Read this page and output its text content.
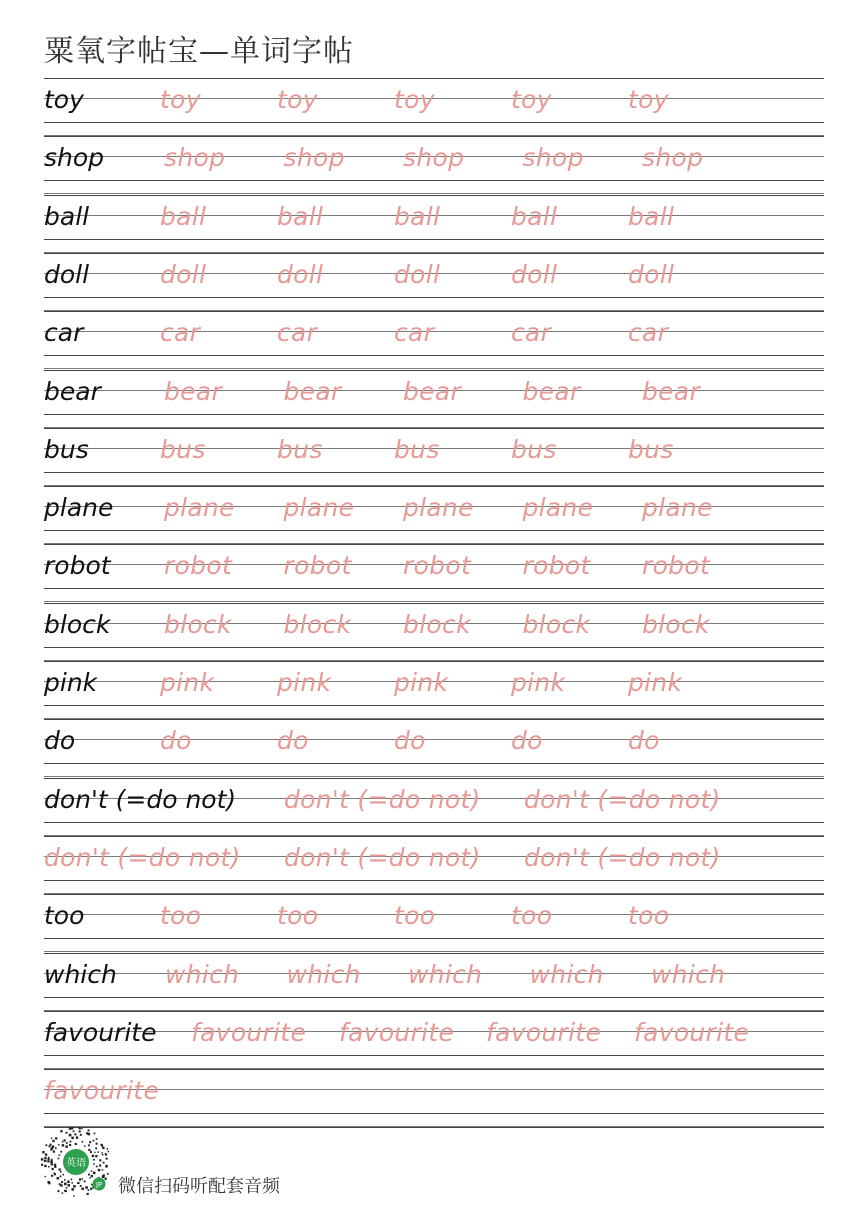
粟氧字帖宝—单词字帖
toy	toy	toy	toy	toy	toy
shop shop shop shop shop shop
ball	ball	ball	ball	ball	ball
doll	doll	doll	doll	doll	doll
car	car	car	car	car	car
bear	bear bear bear bear bear
bus	bus	bus	bus	bus	bus
plane plane plane plane plane plane
robot robot robot robot robot robot
block block block block block block
pink	pink	pink	pink	pink	pink
do	do	do	do	do	do
don't (=do not) don't (=do not) don't (=do not)
don't (=do not) don't (=do not) don't (=do not)
too	too	too	too	too	too
which which which which which which
favourite favourite favourite favourite favourite
favourite
英语
JP 微信扫码听配套音频
